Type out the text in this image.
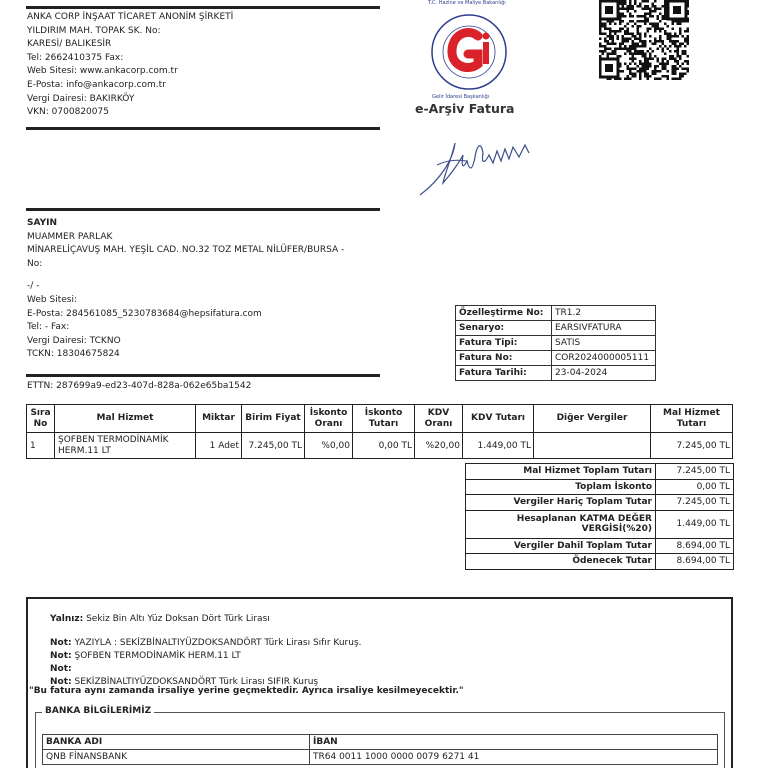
ANKA CORP İNŞAAT TİCARET ANONİM ŞİRKETİ
YILDIRIM MAH. TOPAK SK. No:
KARESİ/ BALIKESİR
Tel: 2662410375 Fax:
Web Sitesi: www.ankacorp.com.tr
E-Posta: info@ankacorp.com.tr
Vergi Dairesi: BAKIRKÖY
VKN: 0700820075
T.C. Hazine ve Maliye Bakanlığı
Gelir İdaresi Başkanlığı
e-Arşiv Fatura
SAYIN
MUAMMER PARLAK
MİNARELİÇAVUŞ MAH. YEŞİL CAD. NO.32 TOZ METAL NİLÜFER/BURSA -
No:
-/ -
Web Sitesi:
E-Posta: 284561085_5230783684@hepsifatura.com
Tel: - Fax:
Vergi Dairesi: TCKNO
TCKN: 18304675824
Özelleştirme No:	TR1.2
Senaryo:	EARSIVFATURA
Fatura Tipi:	SATIS
Fatura No:	COR2024000005111
Fatura Tarihi:	23-04-2024
ETTN: 287699a9-ed23-407d-828a-062e65ba1542
Sıra No	Mal Hizmet	Miktar	Birim Fiyat	İskonto Oranı	İskonto Tutarı	KDV Oranı	KDV Tutarı	Diğer Vergiler	Mal Hizmet Tutarı
1	ŞOFBEN TERMODİNAMİK HERM.11 LT	1 Adet	7.245,00 TL	%0,00	0,00 TL	%20,00	1.449,00 TL		7.245,00 TL
Mal Hizmet Toplam Tutarı	7.245,00 TL
Toplam İskonto	0,00 TL
Vergiler Hariç Toplam Tutar	7.245,00 TL
Hesaplanan KATMA DEĞER VERGİSİ(%20)	1.449,00 TL
Vergiler Dahil Toplam Tutar	8.694,00 TL
Ödenecek Tutar	8.694,00 TL
Yalnız: Sekiz Bin Altı Yüz Doksan Dört Türk Lirası
Not: YAZIYLA : SEKİZBİNALTIYÜZDOKSANDÖRT Türk Lirası Sıfır Kuruş.
Not: ŞOFBEN TERMODİNAMİK HERM.11 LT
Not:
Not: SEKİZBİNALTIYÜZDOKSANDÖRT Türk Lirası SIFIR Kuruş
"Bu fatura aynı zamanda irsaliye yerine geçmektedir. Ayrıca irsaliye kesilmeyecektir."
BANKA BİLGİLERİMİZ
BANKA ADI	İBAN
QNB FİNANSBANK	TR64 0011 1000 0000 0079 6271 41
